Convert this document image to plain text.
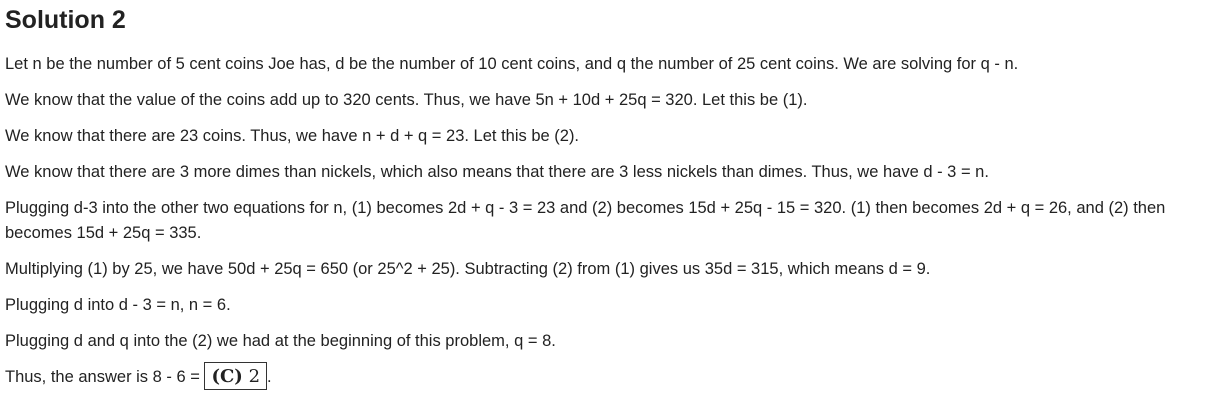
Solution 2

Let n be the number of 5 cent coins Joe has, d be the number of 10 cent coins, and q the number of 25 cent coins. We are solving for q - n.

We know that the value of the coins add up to 320 cents. Thus, we have 5n + 10d + 25q = 320. Let this be (1).

We know that there are 23 coins. Thus, we have n + d + q = 23. Let this be (2).

We know that there are 3 more dimes than nickels, which also means that there are 3 less nickels than dimes. Thus, we have d - 3 = n.

Plugging d-3 into the other two equations for n, (1) becomes 2d + q - 3 = 23 and (2) becomes 15d + 25q - 15 = 320. (1) then becomes 2d + q = 26, and (2) then becomes 15d + 25q = 335.

Multiplying (1) by 25, we have 50d + 25q = 650 (or 25^2 + 25). Subtracting (2) from (1) gives us 35d = 315, which means d = 9.

Plugging d into d - 3 = n, n = 6.

Plugging d and q into the (2) we had at the beginning of this problem, q = 8.

Thus, the answer is 8 - 6 = (C) 2 .
